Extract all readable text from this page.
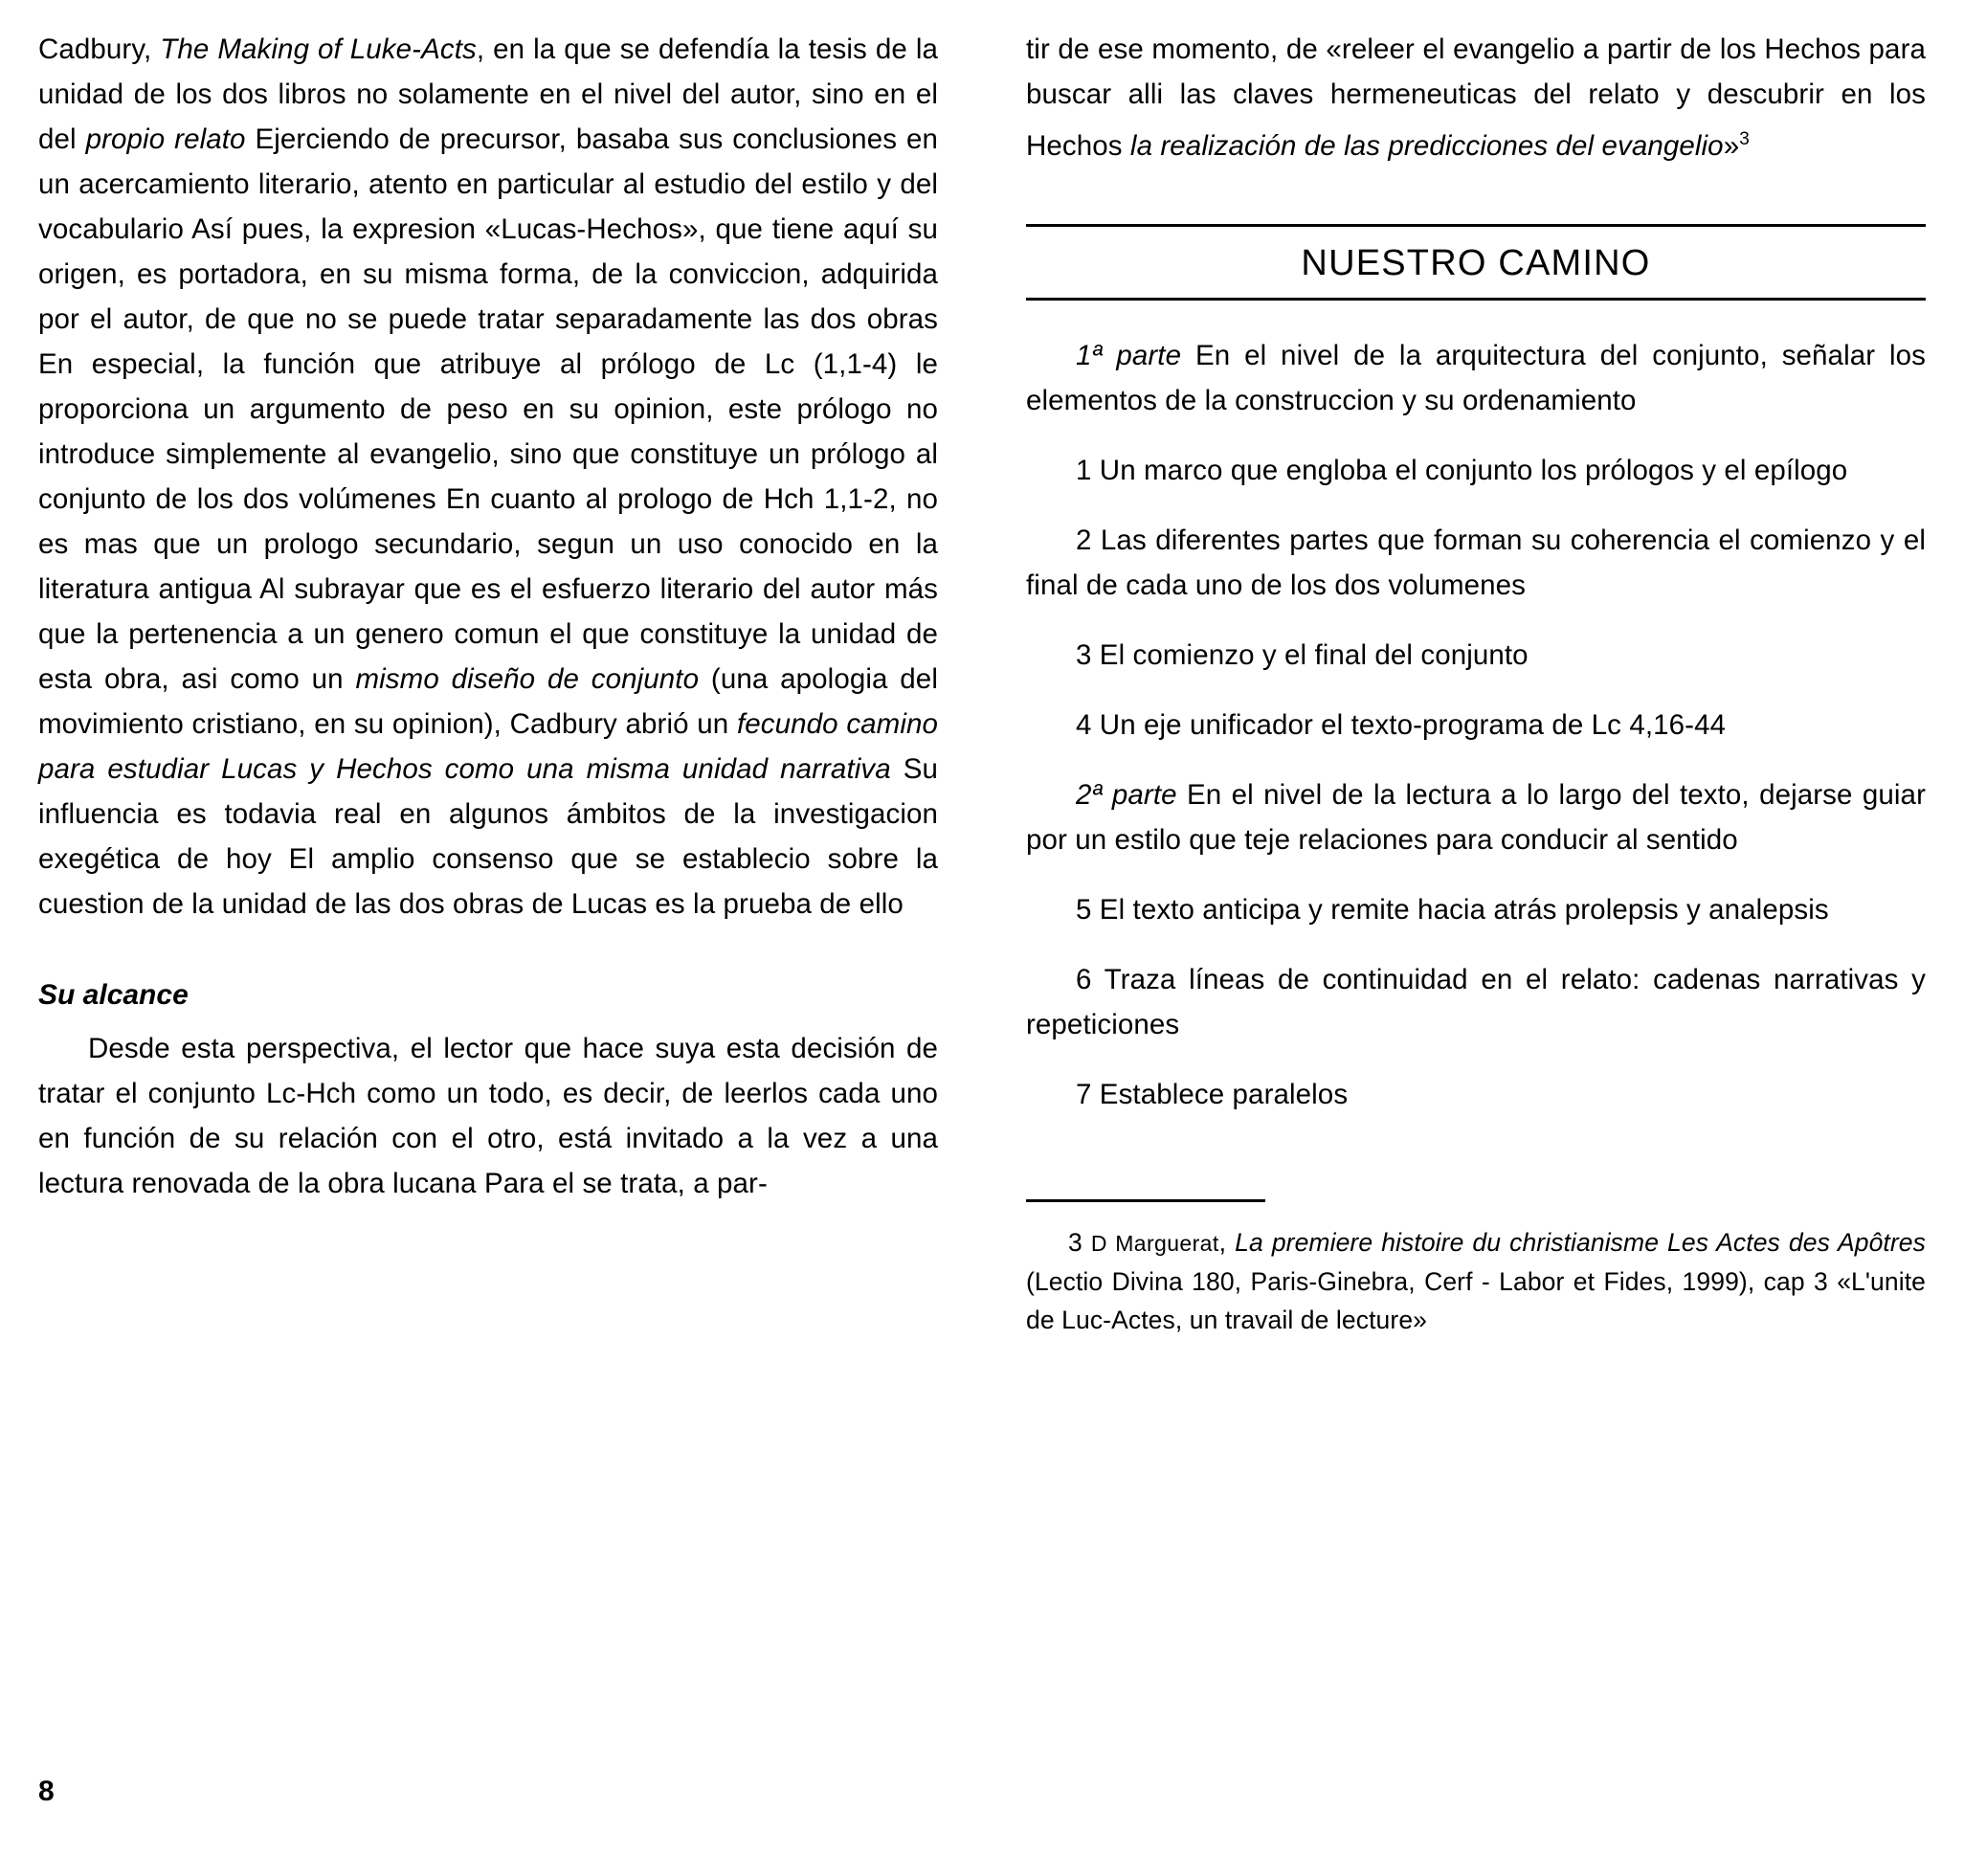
Cadbury, The Making of Luke-Acts, en la que se defendía la tesis de la unidad de los dos libros no solamente en el nivel del autor, sino en el del propio relato Ejerciendo de precursor, basaba sus conclusiones en un acercamiento literario, atento en particular al estudio del estilo y del vocabulario Así pues, la expresion «Lucas-Hechos», que tiene aquí su origen, es portadora, en su misma forma, de la conviccion, adquirida por el autor, de que no se puede tratar separadamente las dos obras En especial, la función que atribuye al prólogo de Lc (1,1-4) le proporciona un argumento de peso en su opinion, este prólogo no introduce simplemente al evangelio, sino que constituye un prólogo al conjunto de los dos volúmenes En cuanto al prologo de Hch 1,1-2, no es mas que un prologo secundario, segun un uso conocido en la literatura antigua Al subrayar que es el esfuerzo literario del autor más que la pertenencia a un genero comun el que constituye la unidad de esta obra, asi como un mismo diseño de conjunto (una apologia del movimiento cristiano, en su opinion), Cadbury abrió un fecundo camino para estudiar Lucas y Hechos como una misma unidad narrativa Su influencia es todavia real en algunos ámbitos de la investigacion exegética de hoy El amplio consenso que se establecio sobre la cuestion de la unidad de las dos obras de Lucas es la prueba de ello

Su alcance

Desde esta perspectiva, el lector que hace suya esta decisión de tratar el conjunto Lc-Hch como un todo, es decir, de leerlos cada uno en función de su relación con el otro, está invitado a la vez a una lectura renovada de la obra lucana Para el se trata, a par-

tir de ese momento, de «releer el evangelio a partir de los Hechos para buscar alli las claves hermeneuticas del relato y descubrir en los Hechos la realización de las predicciones del evangelio»$^3$

NUESTRO CAMINO

1ª parte En el nivel de la arquitectura del conjunto, señalar los elementos de la construccion y su ordenamiento

1 Un marco que engloba el conjunto los prólogos y el epílogo

2 Las diferentes partes que forman su coherencia el comienzo y el final de cada uno de los dos volumenes

3 El comienzo y el final del conjunto

4 Un eje unificador el texto-programa de Lc 4,16-44

2ª parte En el nivel de la lectura a lo largo del texto, dejarse guiar por un estilo que teje relaciones para conducir al sentido

5 El texto anticipa y remite hacia atrás prolepsis y analepsis

6 Traza líneas de continuidad en el relato: cadenas narrativas y repeticiones

7 Establece paralelos

3 D Marguerat, La premiere histoire du christianisme Les Actes des Apôtres (Lectio Divina 180, Paris-Ginebra, Cerf - Labor et Fides, 1999), cap 3 «L'unite de Luc-Actes, un travail de lecture»

8
